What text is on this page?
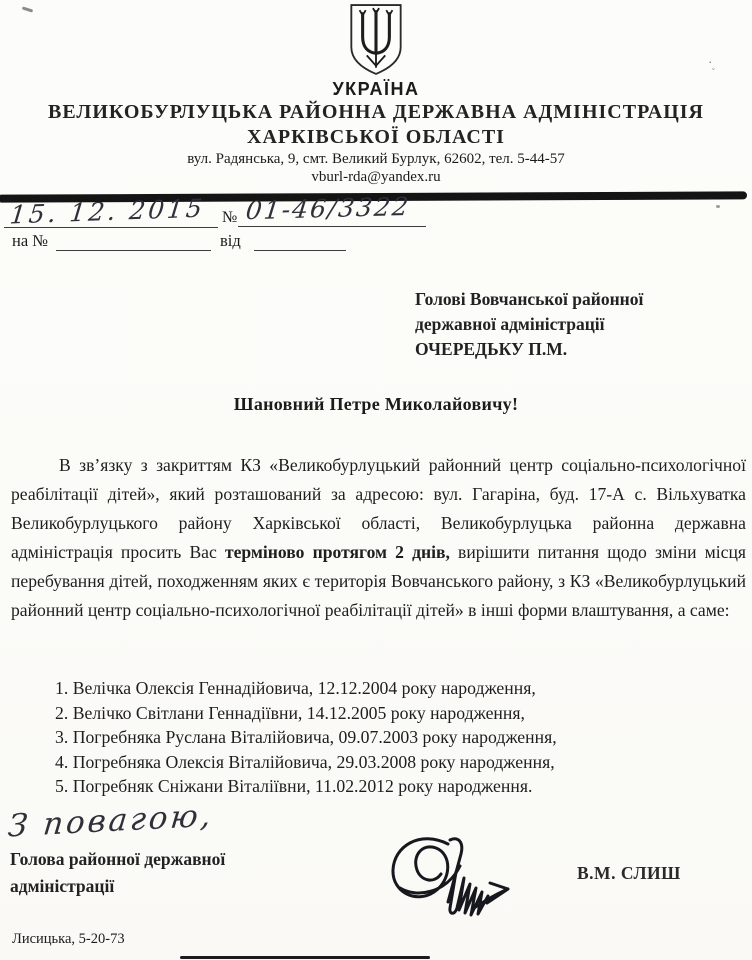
УКРАЇНА
ВЕЛИКОБУРЛУЦЬКА РАЙОННА ДЕРЖАВНА АДМІНІСТРАЦІЯ
ХАРКІВСЬКОЇ ОБЛАСТІ
вул. Радянська, 9, смт. Великий Бурлук, 62602, тел. 5-44-57
vburl-rda@yandex.ru
15. 12. 2015 № 01-46/3322
на №	від
Голові Вовчанської районної
державної адміністрації
ОЧЕРЕДЬКУ П.М.
Шановний Петре Миколайовичу!

В зв’язку з закриттям КЗ «Великобурлуцький районний центр соціально-психологічної реабілітації дітей», який розташований за адресою: вул. Гагаріна, буд. 17-А с. Вільхуватка Великобурлуцького району Харківської області, Великобурлуцька районна державна адміністрація просить Вас терміново протягом 2 днів, вирішити питання щодо зміни місця перебування дітей, походженням яких є територія Вовчанського району, з КЗ «Великобурлуцький районний центр соціально-психологічної реабілітації дітей» в інші форми влаштування, а саме:

1. Велічка Олексія Геннадійовича, 12.12.2004 року народження,
2. Велічко Світлани Геннадіївни, 14.12.2005 року народження,
3. Погребняка Руслана Віталійовича, 09.07.2003 року народження,
4. Погребняка Олексія Віталійовича, 29.03.2008 року народження,
5. Погребняк Сніжани Віталіївни, 11.02.2012 року народження.
З повагою,
Голова районної державної
адміністрації
В.М. СЛИШ
Лисицька, 5-20-73
·˯
